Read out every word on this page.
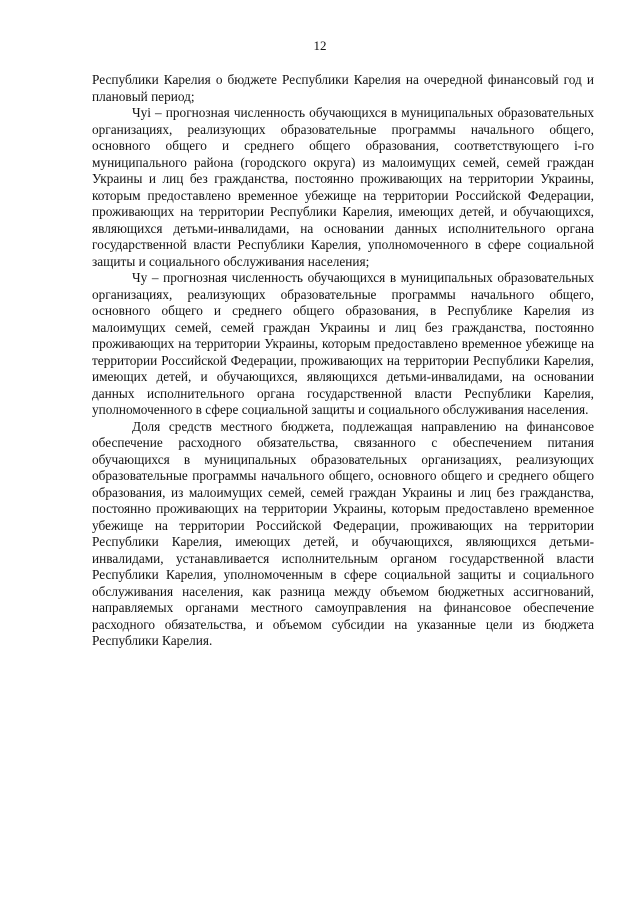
12

Республики Карелия о бюджете Республики Карелия на очередной финансовый год и плановый период;

Чуi – прогнозная численность обучающихся в муниципальных образовательных организациях, реализующих образовательные программы начального общего, основного общего и среднего общего образования, соответствующего i-го муниципального района (городского округа) из малоимущих семей, семей граждан Украины и лиц без гражданства, постоянно проживающих на территории Украины, которым предоставлено временное убежище на территории Российской Федерации, проживающих на территории Республики Карелия, имеющих детей, и обучающихся, являющихся детьми-инвалидами, на основании данных исполнительного органа государственной власти Республики Карелия, уполномоченного в сфере социальной защиты и социального обслуживания населения;

Чу – прогнозная численность обучающихся в муниципальных образовательных организациях, реализующих образовательные программы начального общего, основного общего и среднего общего образования, в Республике Карелия из малоимущих семей, семей граждан Украины и лиц без гражданства, постоянно проживающих на территории Украины, которым предоставлено временное убежище на территории Российской Федерации, проживающих на территории Республики Карелия, имеющих детей, и обучающихся, являющихся детьми-инвалидами, на основании данных исполнительного органа государственной власти Республики Карелия, уполномоченного в сфере социальной защиты и социального обслуживания населения.

Доля средств местного бюджета, подлежащая направлению на финансовое обеспечение расходного обязательства, связанного с обеспечением питания обучающихся в муниципальных образовательных организациях, реализующих образовательные программы начального общего, основного общего и среднего общего образования, из малоимущих семей, семей граждан Украины и лиц без гражданства, постоянно проживающих на территории Украины, которым предоставлено временное убежище на территории Российской Федерации, проживающих на территории Республики Карелия, имеющих детей, и обучающихся, являющихся детьми-инвалидами, устанавливается исполнительным органом государственной власти Республики Карелия, уполномоченным в сфере социальной защиты и социального обслуживания населения, как разница между объемом бюджетных ассигнований, направляемых органами местного самоуправления на финансовое обеспечение расходного обязательства, и объемом субсидии на указанные цели из бюджета Республики Карелия.
